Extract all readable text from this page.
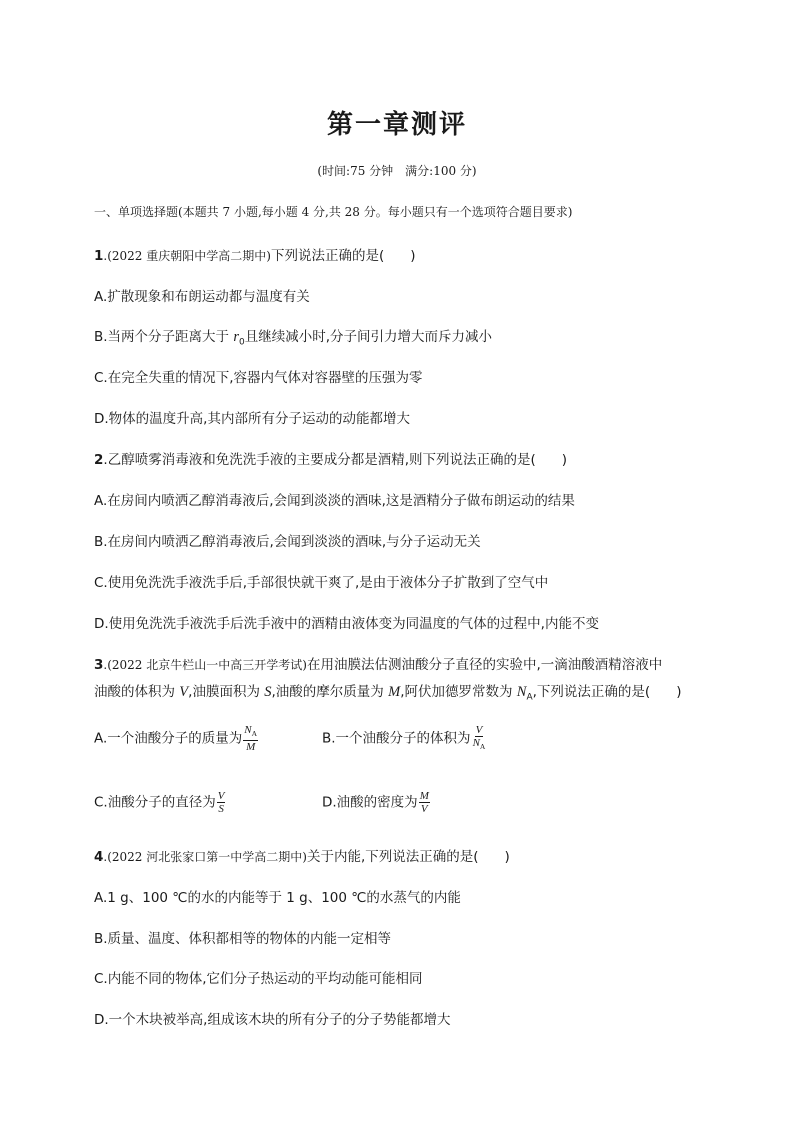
第一章测评
(时间:75 分钟　满分:100 分)
一、单项选择题(本题共 7 小题,每小题 4 分,共 28 分。每小题只有一个选项符合题目要求)
1.(2022 重庆朝阳中学高二期中)下列说法正确的是( )
A.扩散现象和布朗运动都与温度有关
B.当两个分子距离大于 $r_0$且继续减小时,分子间引力增大而斥力减小
C.在完全失重的情况下,容器内气体对容器壁的压强为零
D.物体的温度升高,其内部所有分子运动的动能都增大
2.乙醇喷雾消毒液和免洗洗手液的主要成分都是酒精,则下列说法正确的是( )
A.在房间内喷洒乙醇消毒液后,会闻到淡淡的酒味,这是酒精分子做布朗运动的结果
B.在房间内喷洒乙醇消毒液后,会闻到淡淡的酒味,与分子运动无关
C.使用免洗洗手液洗手后,手部很快就干爽了,是由于液体分子扩散到了空气中
D.使用免洗洗手液洗手后洗手液中的酒精由液体变为同温度的气体的过程中,内能不变
3.(2022 北京牛栏山一中高三开学考试)在用油膜法估测油酸分子直径的实验中,一滴油酸酒精溶液中
油酸的体积为 V,油膜面积为 S,油酸的摩尔质量为 M,阿伏加德罗常数为 $N_A$,下列说法正确的是( )
A.一个油酸分子的质量为 $\frac{N_A}{M}$	B.一个油酸分子的体积为 $\frac{V}{N_A}$
C.油酸分子的直径为 $\frac{V}{S}$	D.油酸的密度为 $\frac{M}{V}$
4.(2022 河北张家口第一中学高二期中)关于内能,下列说法正确的是( )
A.1 g、100 ℃的水的内能等于 1 g、100 ℃的水蒸气的内能
B.质量、温度、体积都相等的物体的内能一定相等
C.内能不同的物体,它们分子热运动的平均动能可能相同
D.一个木块被举高,组成该木块的所有分子的分子势能都增大
